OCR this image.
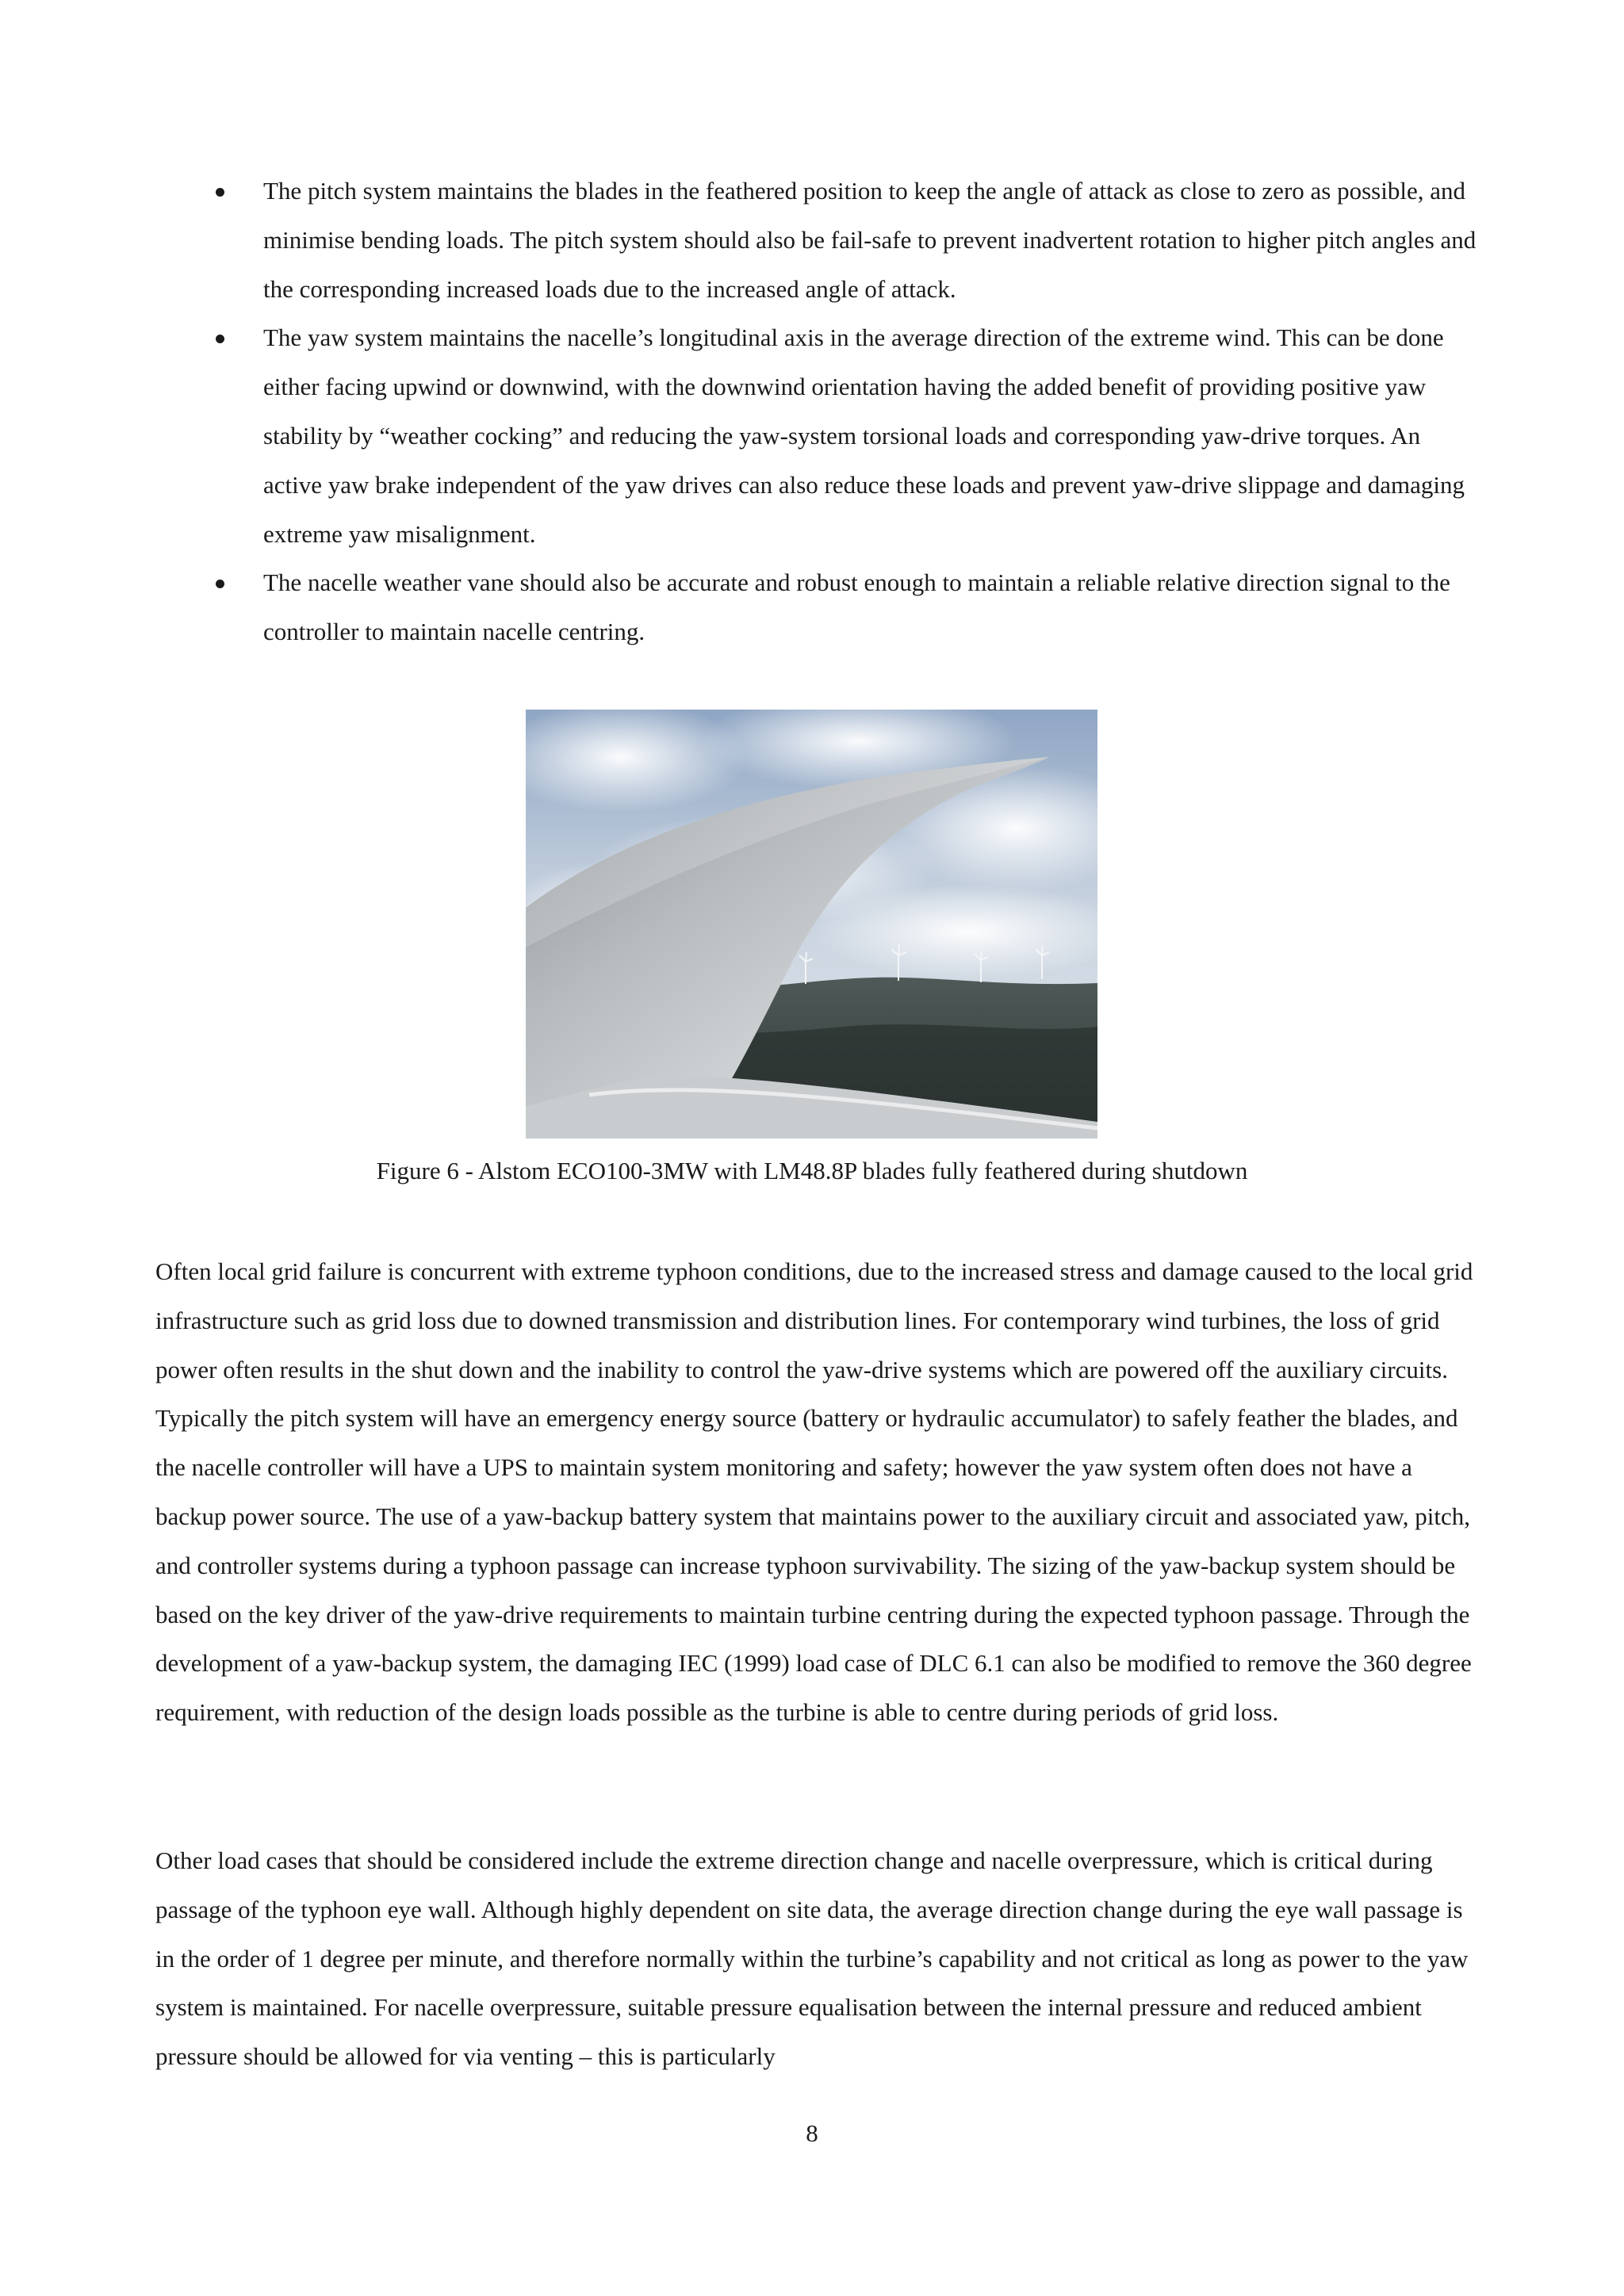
The pitch system maintains the blades in the feathered position to keep the angle of attack as close to zero as possible, and minimise bending loads. The pitch system should also be fail-safe to prevent inadvertent rotation to higher pitch angles and the corresponding increased loads due to the increased angle of attack.
The yaw system maintains the nacelle’s longitudinal axis in the average direction of the extreme wind. This can be done either facing upwind or downwind, with the downwind orientation having the added benefit of providing positive yaw stability by “weather cocking” and reducing the yaw-system torsional loads and corresponding yaw-drive torques. An active yaw brake independent of the yaw drives can also reduce these loads and prevent yaw-drive slippage and damaging extreme yaw misalignment.
The nacelle weather vane should also be accurate and robust enough to maintain a reliable relative direction signal to the controller to maintain nacelle centring.
Figure 6 - Alstom ECO100-3MW with LM48.8P blades fully feathered during shutdown

Often local grid failure is concurrent with extreme typhoon conditions, due to the increased stress and damage caused to the local grid infrastructure such as grid loss due to downed transmission and distribution lines. For contemporary wind turbines, the loss of grid power often results in the shut down and the inability to control the yaw-drive systems which are powered off the auxiliary circuits. Typically the pitch system will have an emergency energy source (battery or hydraulic accumulator) to safely feather the blades, and the nacelle controller will have a UPS to maintain system monitoring and safety; however the yaw system often does not have a backup power source. The use of a yaw-backup battery system that maintains power to the auxiliary circuit and associated yaw, pitch, and controller systems during a typhoon passage can increase typhoon survivability. The sizing of the yaw-backup system should be based on the key driver of the yaw-drive requirements to maintain turbine centring during the expected typhoon passage. Through the development of a yaw-backup system, the damaging IEC (1999) load case of DLC 6.1 can also be modified to remove the 360 degree requirement, with reduction of the design loads possible as the turbine is able to centre during periods of grid loss.

Other load cases that should be considered include the extreme direction change and nacelle overpressure, which is critical during passage of the typhoon eye wall. Although highly dependent on site data, the average direction change during the eye wall passage is in the order of 1 degree per minute, and therefore normally within the turbine’s capability and not critical as long as power to the yaw system is maintained. For nacelle overpressure, suitable pressure equalisation between the internal pressure and reduced ambient pressure should be allowed for via venting – this is particularly

8
